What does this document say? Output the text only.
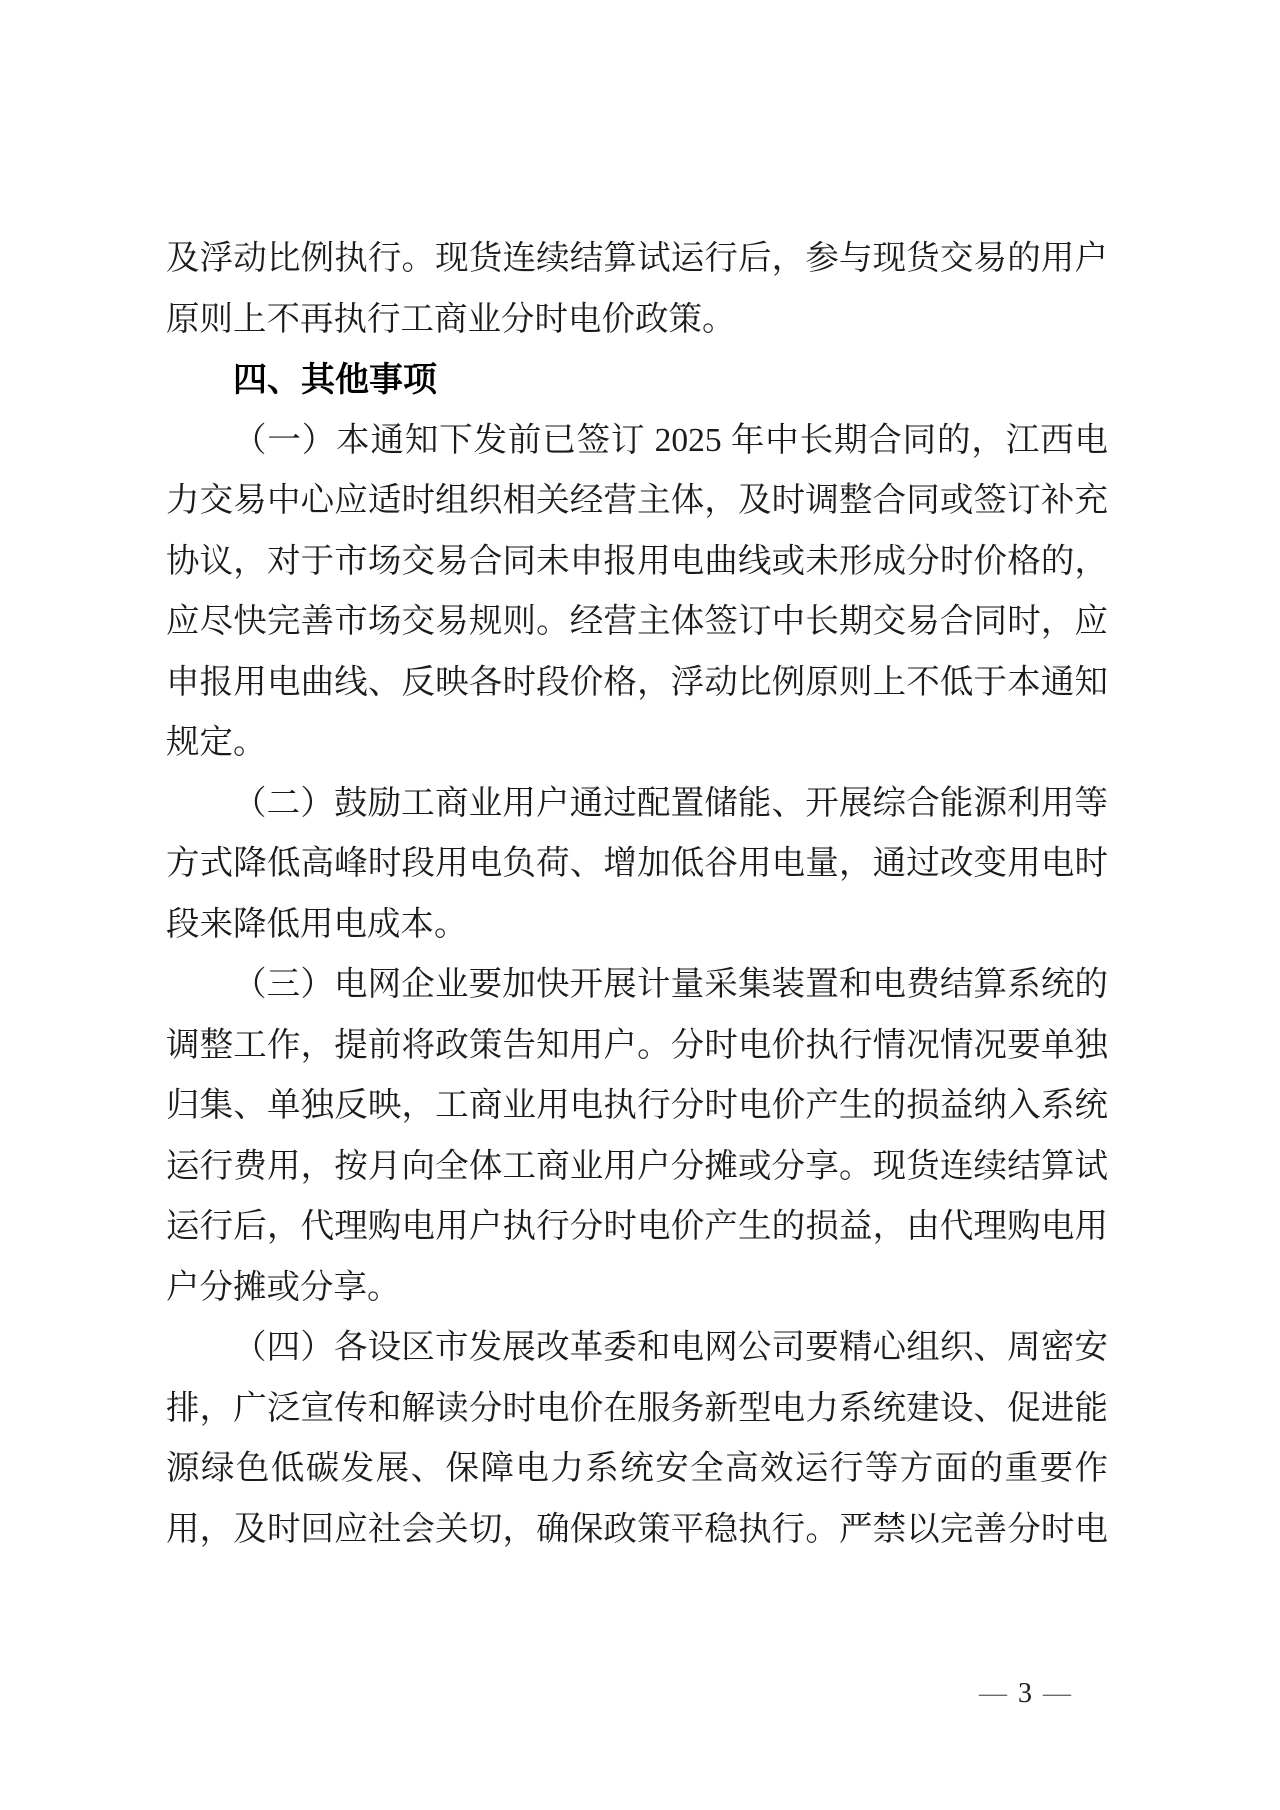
及浮动比例执行。现货连续结算试运行后，参与现货交易的用户
原则上不再执行工商业分时电价政策。
四、其他事项
（一）本通知下发前已签订 2025 年中长期合同的，江西电
力交易中心应适时组织相关经营主体，及时调整合同或签订补充
协议，对于市场交易合同未申报用电曲线或未形成分时价格的，
应尽快完善市场交易规则。经营主体签订中长期交易合同时，应
申报用电曲线、反映各时段价格，浮动比例原则上不低于本通知
规定。
（二）鼓励工商业用户通过配置储能、开展综合能源利用等
方式降低高峰时段用电负荷、增加低谷用电量，通过改变用电时
段来降低用电成本。
（三）电网企业要加快开展计量采集装置和电费结算系统的
调整工作，提前将政策告知用户。分时电价执行情况情况要单独
归集、单独反映，工商业用电执行分时电价产生的损益纳入系统
运行费用，按月向全体工商业用户分摊或分享。现货连续结算试
运行后，代理购电用户执行分时电价产生的损益，由代理购电用
户分摊或分享。
（四）各设区市发展改革委和电网公司要精心组织、周密安
排，广泛宣传和解读分时电价在服务新型电力系统建设、促进能
源绿色低碳发展、保障电力系统安全高效运行等方面的重要作
用，及时回应社会关切，确保政策平稳执行。严禁以完善分时电
— 3 —
